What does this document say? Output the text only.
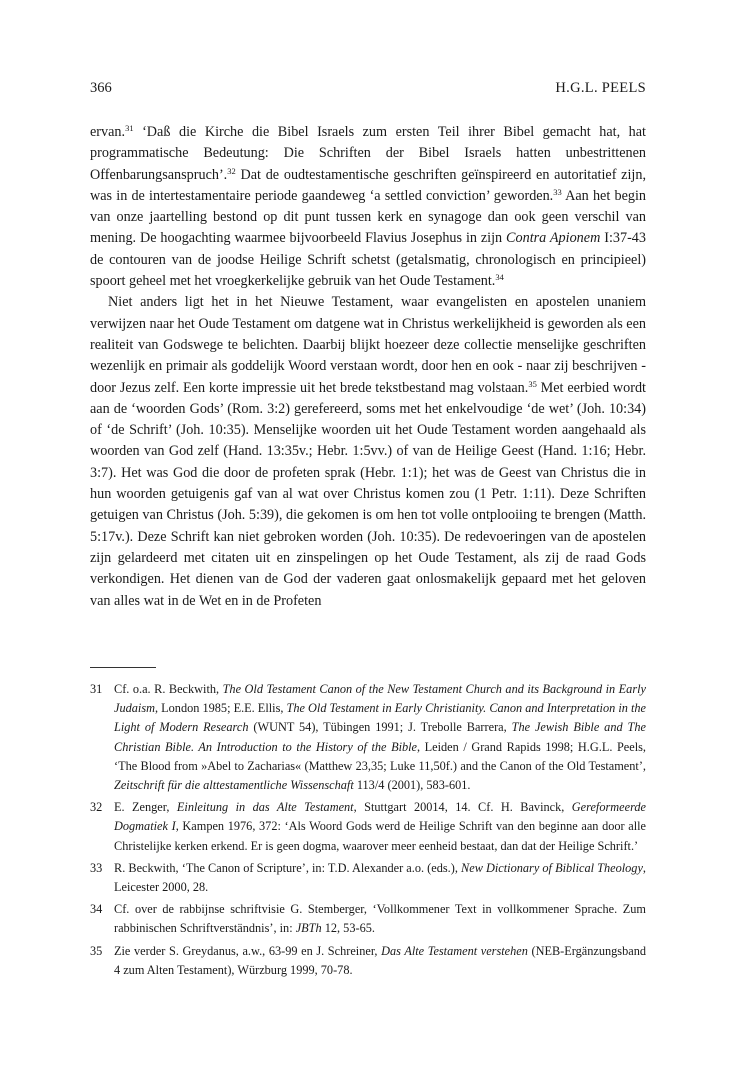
366	H.G.L. PEELS

ervan.$^{31}$ ‘Daß die Kirche die Bibel Israels zum ersten Teil ihrer Bibel gemacht hat, hat programmatische Bedeutung: Die Schriften der Bibel Israels hatten unbestrittenen Offenbarungsanspruch’.$^{32}$ Dat de oudtestamentische geschriften geïnspireerd en autoritatief zijn, was in de intertestamentaire periode gaandeweg ‘a settled conviction’ geworden.$^{33}$ Aan het begin van onze jaartelling bestond op dit punt tussen kerk en synagoge dan ook geen verschil van mening. De hoogachting waarmee bijvoorbeeld Flavius Josephus in zijn Contra Apionem I:37-43 de contouren van de joodse Heilige Schrift schetst (getalsmatig, chronologisch en principieel) spoort geheel met het vroegkerkelijke gebruik van het Oude Testament.$^{34}$

Niet anders ligt het in het Nieuwe Testament, waar evangelisten en apostelen unaniem verwijzen naar het Oude Testament om datgene wat in Christus werkelijkheid is geworden als een realiteit van Godswege te belichten. Daarbij blijkt hoezeer deze collectie menselijke geschriften wezenlijk en primair als goddelijk Woord verstaan wordt, door hen en ook - naar zij beschrijven - door Jezus zelf. Een korte impressie uit het brede tekstbestand mag volstaan.$^{35}$ Met eerbied wordt aan de ‘woorden Gods’ (Rom. 3:2) gerefereerd, soms met het enkelvoudige ‘de wet’ (Joh. 10:34) of ‘de Schrift’ (Joh. 10:35). Menselijke woorden uit het Oude Testament worden aangehaald als woorden van God zelf (Hand. 13:35v.; Hebr. 1:5vv.) of van de Heilige Geest (Hand. 1:16; Hebr. 3:7). Het was God die door de profeten sprak (Hebr. 1:1); het was de Geest van Christus die in hun woorden getuigenis gaf van al wat over Christus komen zou (1 Petr. 1:11). Deze Schriften getuigen van Christus (Joh. 5:39), die gekomen is om hen tot volle ontplooiing te brengen (Matth. 5:17v.). Deze Schrift kan niet gebroken worden (Joh. 10:35). De redevoeringen van de apostelen zijn gelardeerd met citaten uit en zinspelingen op het Oude Testament, als zij de raad Gods verkondigen. Het dienen van de God der vaderen gaat onlosmakelijk gepaard met het geloven van alles wat in de Wet en in de Profeten

31 Cf. o.a. R. Beckwith, The Old Testament Canon of the New Testament Church and its Background in Early Judaism, London 1985; E.E. Ellis, The Old Testament in Early Christianity. Canon and Interpretation in the Light of Modern Research (WUNT 54), Tübingen 1991; J. Trebolle Barrera, The Jewish Bible and The Christian Bible. An Introduction to the History of the Bible, Leiden / Grand Rapids 1998; H.G.L. Peels, ‘The Blood from »Abel to Zacharias« (Matthew 23,35; Luke 11,50f.) and the Canon of the Old Testament’, Zeitschrift für die alttestamentliche Wissenschaft 113/4 (2001), 583-601.
32 E. Zenger, Einleitung in das Alte Testament, Stuttgart 20014, 14. Cf. H. Bavinck, Gereformeerde Dogmatiek I, Kampen 1976, 372: ‘Als Woord Gods werd de Heilige Schrift van den beginne aan door alle Christelijke kerken erkend. Er is geen dogma, waarover meer eenheid bestaat, dan dat der Heilige Schrift.’
33 R. Beckwith, ‘The Canon of Scripture’, in: T.D. Alexander a.o. (eds.), New Dictionary of Biblical Theology, Leicester 2000, 28.
34 Cf. over de rabbijnse schriftvisie G. Stemberger, ‘Vollkommener Text in vollkommener Sprache. Zum rabbinischen Schriftverständnis’, in: JBTh 12, 53-65.
35 Zie verder S. Greydanus, a.w., 63-99 en J. Schreiner, Das Alte Testament verstehen (NEB-Ergänzungsband 4 zum Alten Testament), Würzburg 1999, 70-78.
